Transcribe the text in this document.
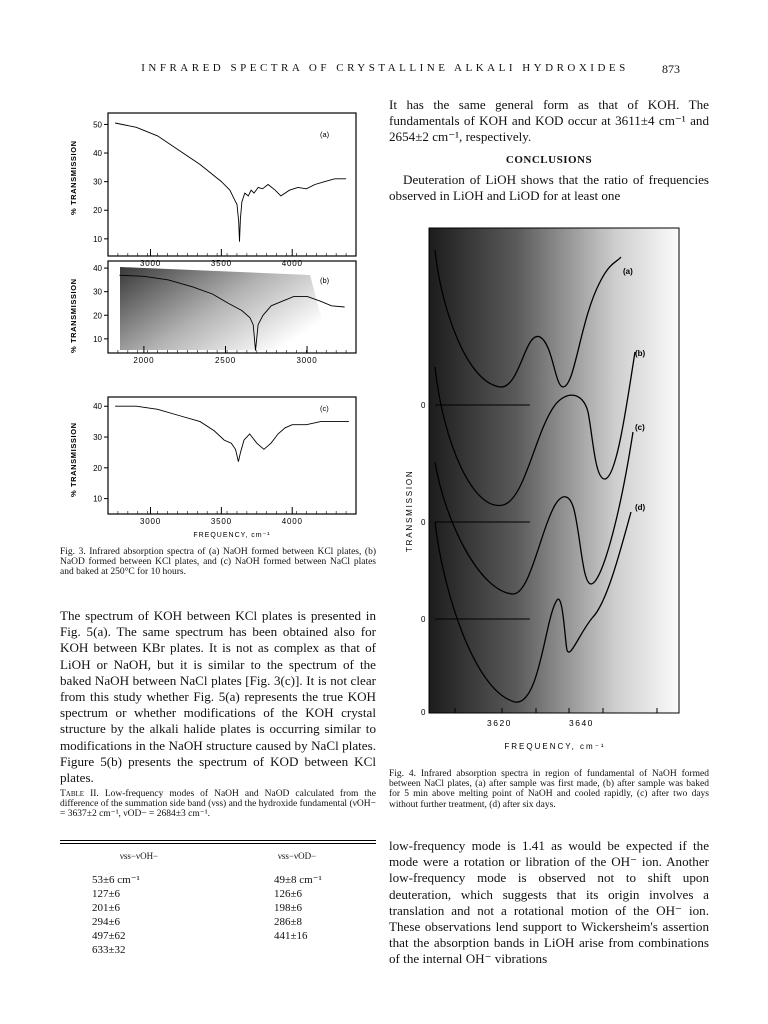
INFRARED SPECTRA OF CRYSTALLINE ALKALI HYDROXIDES	873
10
20
30
40
50
3000	3500	4000
(a)
% TRANSMISSION
10
20
30
40
2000	2500	3000
(b)
% TRANSMISSION
10
20
30
40
3000	3500	4000
(c)
% TRANSMISSION
FREQUENCY, cm⁻¹

Fig. 3. Infrared absorption spectra of (a) NaOH formed between KCl plates, (b) NaOD formed between KCl plates, and (c) NaOH formed between NaCl plates and baked at 250°C for 10 hours.

The spectrum of KOH between KCl plates is presented in Fig. 5(a). The same spectrum has been obtained also for KOH between KBr plates. It is not as complex as that of LiOH or NaOH, but it is similar to the spectrum of the baked NaOH between NaCl plates [Fig. 3(c)]. It is not clear from this study whether Fig. 5(a) represents the true KOH spectrum or whether modifications of the KOH crystal structure by the alkali halide plates is occurring similar to modifications in the NaOH structure caused by NaCl plates. Figure 5(b) presents the spectrum of KOD between KCl plates.

Table II. Low-frequency modes of NaOH and NaOD calculated from the difference of the summation side band (νss) and the hydroxide fundamental (νOH− = 3637±2 cm⁻¹, νOD− = 2684±3 cm⁻¹.

νss−νOH−	νss−νOD−
53±6 cm⁻¹	49±8 cm⁻¹
127±6	126±6
201±6	198±6
294±6	286±8
497±62	441±16
633±32	

It has the same general form as that of KOH. The fundamentals of KOH and KOD occur at 3611±4 cm⁻¹ and 2654±2 cm⁻¹, respectively.

CONCLUSIONS

Deuteration of LiOH shows that the ratio of frequencies observed in LiOH and LiOD for at least one

0
0
0
0
(a)
(b)
(c)
(d)
3620	3640
FREQUENCY, cm⁻¹
TRANSMISSION

Fig. 4. Infrared absorption spectra in region of fundamental of NaOH formed between NaCl plates, (a) after sample was first made, (b) after sample was baked for 5 min above melting point of NaOH and cooled rapidly, (c) after two days without further treatment, (d) after six days.

low-frequency mode is 1.41 as would be expected if the mode were a rotation or libration of the OH⁻ ion. Another low-frequency mode is observed not to shift upon deuteration, which suggests that its origin involves a translation and not a rotational motion of the OH⁻ ion. These observations lend support to Wickersheim's assertion that the absorption bands in LiOH arise from combinations of the internal OH⁻ vibrations
